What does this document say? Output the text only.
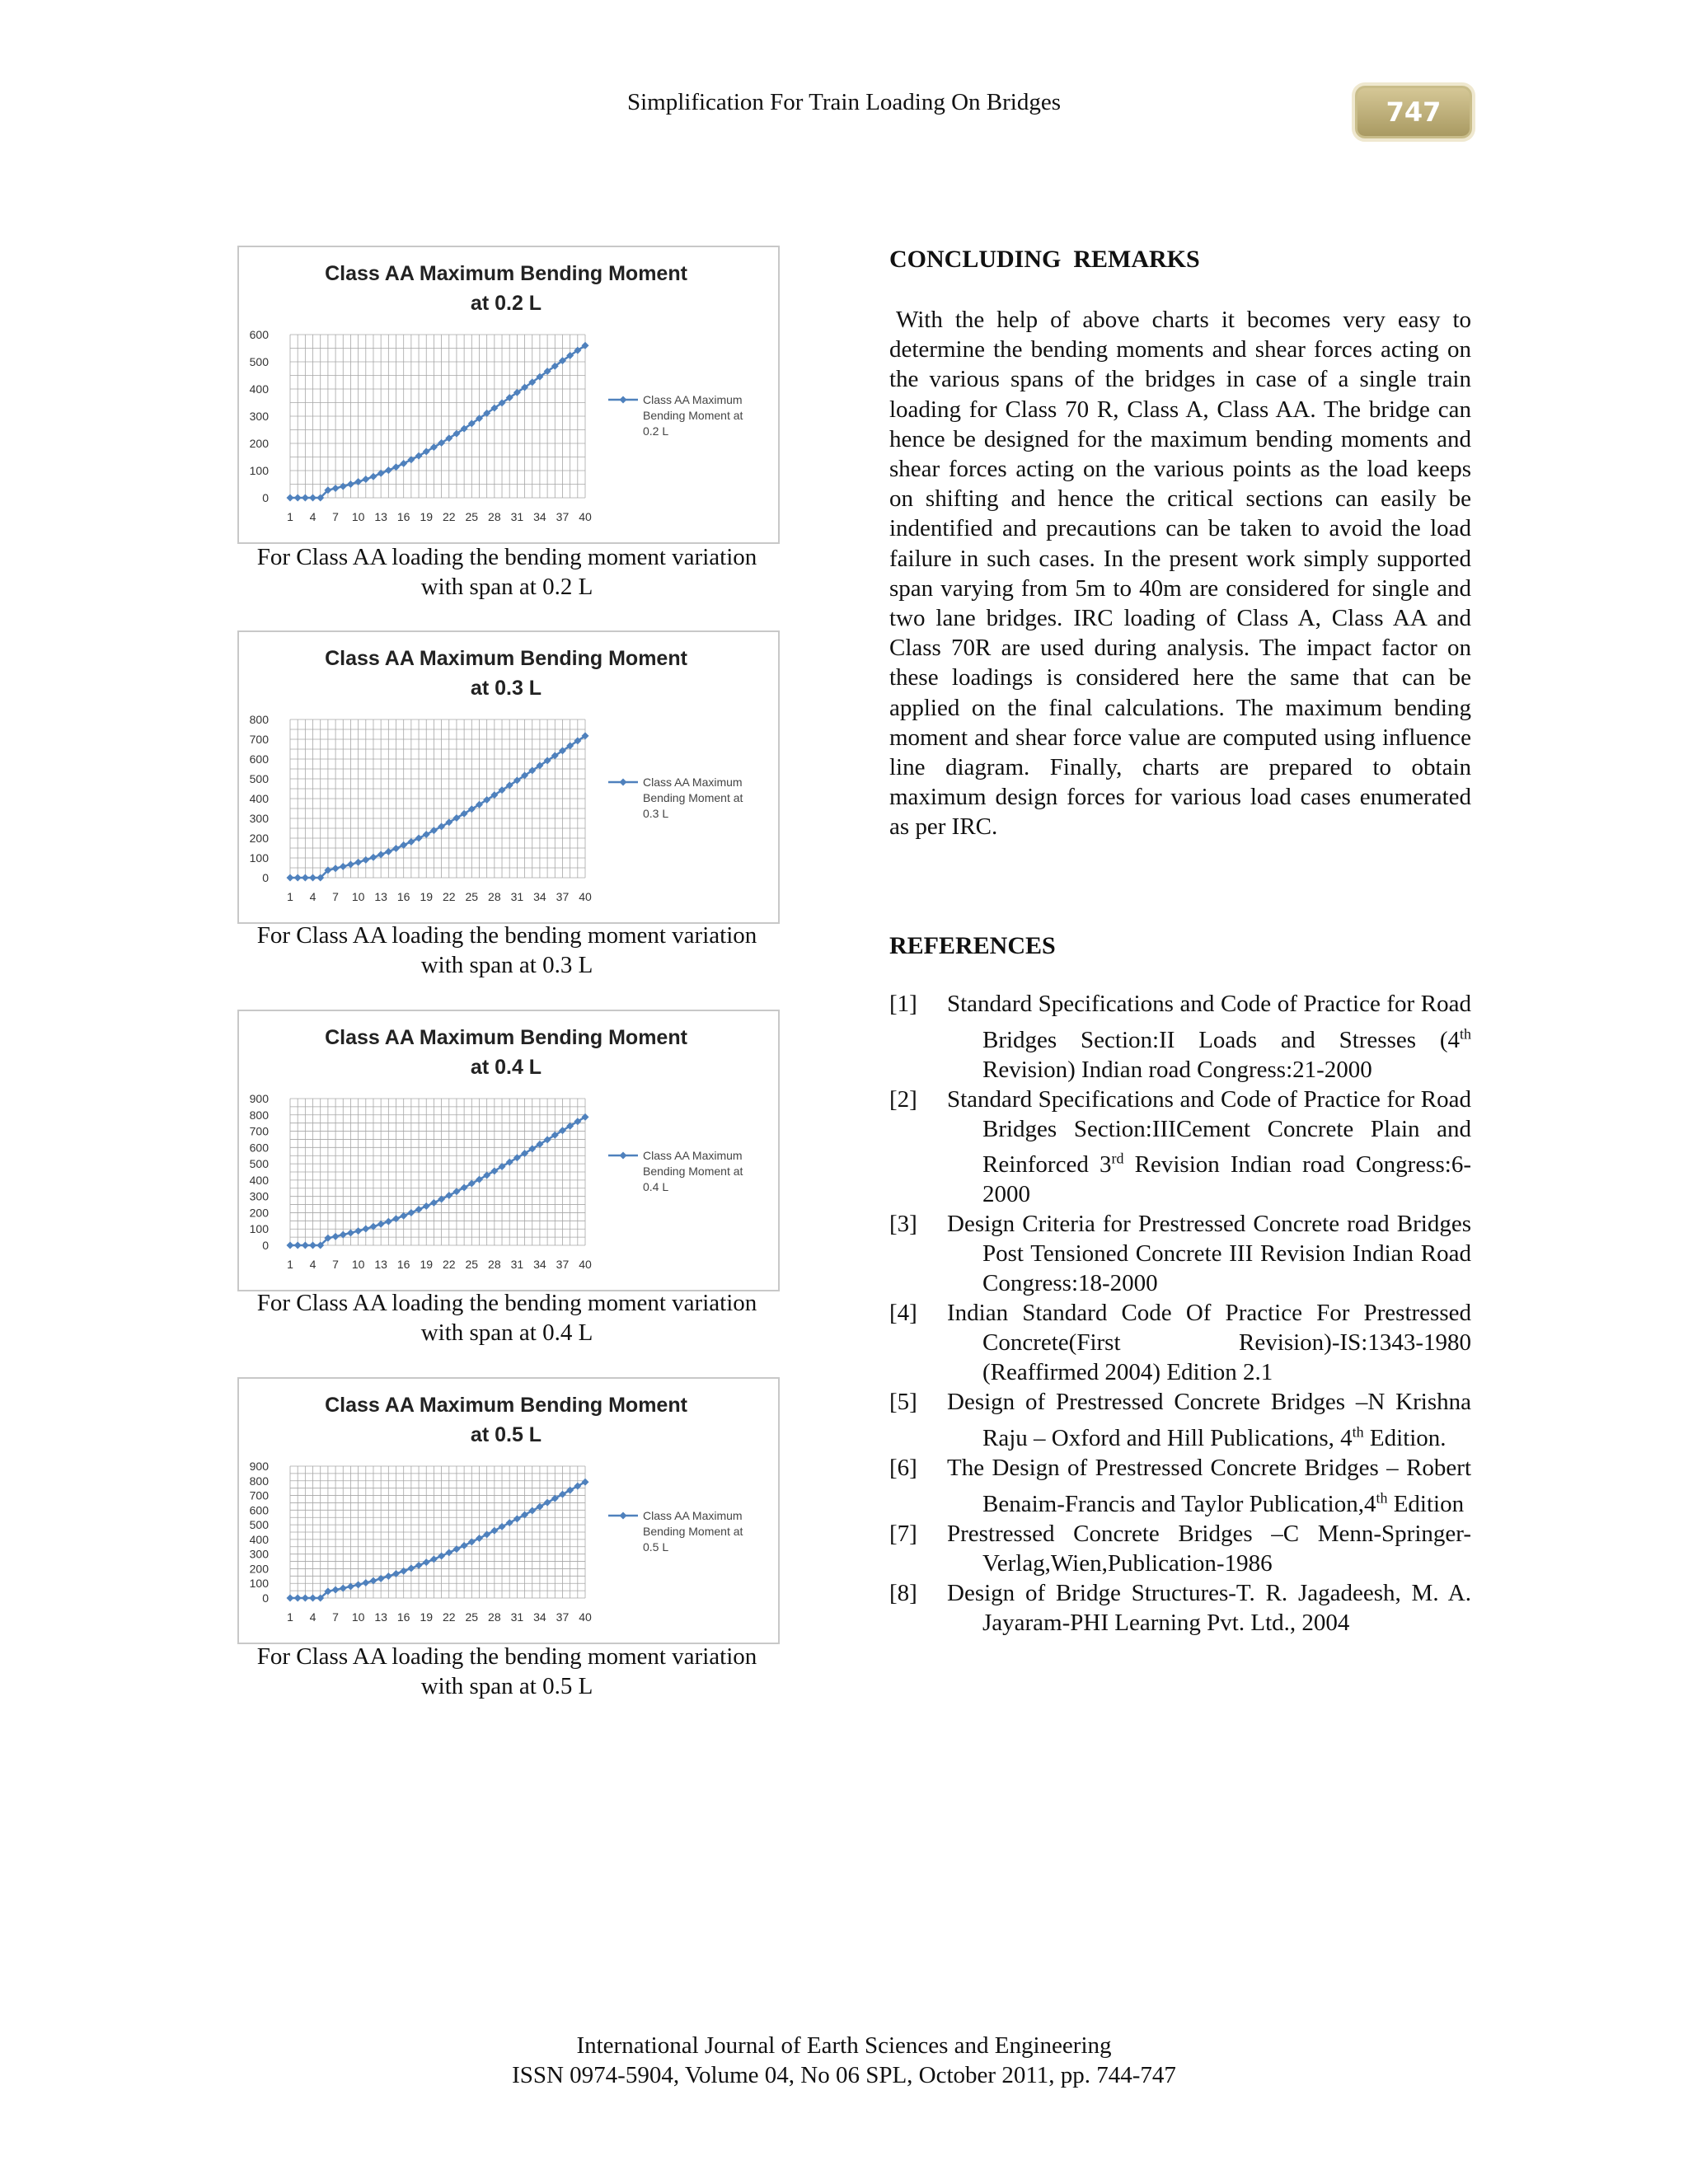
Simplification For Train Loading On Bridges	747
Class AA Maximum Bending Moment
at 0.2 L
0
100
200
300
400
500
600
1 4 7 10 13 16 19 22 25 28 31 34 37 40
Class AA Maximum
Bending Moment at
0.2 L
For Class AA loading the bending moment variation
with span at 0.2 L
Class AA Maximum Bending Moment
at 0.3 L
0
100
200
300
400
500
600
700
800
1 4 7 10 13 16 19 22 25 28 31 34 37 40
Class AA Maximum
Bending Moment at
0.3 L
For Class AA loading the bending moment variation
with span at 0.3 L
Class AA Maximum Bending Moment
at 0.4 L
0
100
200
300
400
500
600
700
800
900
1 4 7 10 13 16 19 22 25 28 31 34 37 40
Class AA Maximum
Bending Moment at
0.4 L
For Class AA loading the bending moment variation
with span at 0.4 L
Class AA Maximum Bending Moment
at 0.5 L
0
100
200
300
400
500
600
700
800
900
1 4 7 10 13 16 19 22 25 28 31 34 37 40
Class AA Maximum
Bending Moment at
0.5 L
For Class AA loading the bending moment variation
with span at 0.5 L
CONCLUDING  REMARKS
With the help of above charts it becomes very easy to determine the bending moments and shear forces acting on the various spans of the bridges in case of a single train loading for Class 70 R, Class A, Class AA. The bridge can hence be designed for the maximum bending moments and shear forces acting on the various points as the load keeps on shifting and hence the critical sections can easily be indentified and precautions can be taken to avoid the load failure in such cases. In the present work simply supported span varying from 5m to 40m are considered for single and two lane bridges. IRC loading of Class A, Class AA and Class 70R are used during analysis. The impact factor on these loadings is considered here the same that can be applied on the final calculations. The maximum bending moment and shear force value are computed using influence line diagram. Finally, charts are prepared to obtain maximum design forces for various load cases enumerated as per IRC.
REFERENCES
[1] Standard Specifications and Code of Practice for Road Bridges Section:II Loads and Stresses (4th Revision) Indian road Congress:21-2000
[2] Standard Specifications and Code of Practice for Road Bridges Section:IIICement Concrete Plain and Reinforced 3rd Revision Indian road Congress:6-2000
[3] Design Criteria for Prestressed Concrete road Bridges Post Tensioned Concrete III Revision Indian Road Congress:18-2000
[4] Indian Standard Code Of Practice For Prestressed Concrete(First Revision)-IS:1343-1980 (Reaffirmed 2004) Edition 2.1
[5] Design of Prestressed Concrete Bridges –N Krishna Raju – Oxford and Hill Publications, 4th Edition.
[6] The Design of Prestressed Concrete Bridges – Robert Benaim-Francis and Taylor Publication,4th Edition
[7] Prestressed Concrete Bridges –C Menn-Springer-Verlag,Wien,Publication-1986
[8] Design of Bridge Structures-T. R. Jagadeesh, M. A. Jayaram-PHI Learning Pvt. Ltd., 2004
International Journal of Earth Sciences and Engineering
ISSN 0974-5904, Volume 04, No 06 SPL, October 2011, pp. 744-747
